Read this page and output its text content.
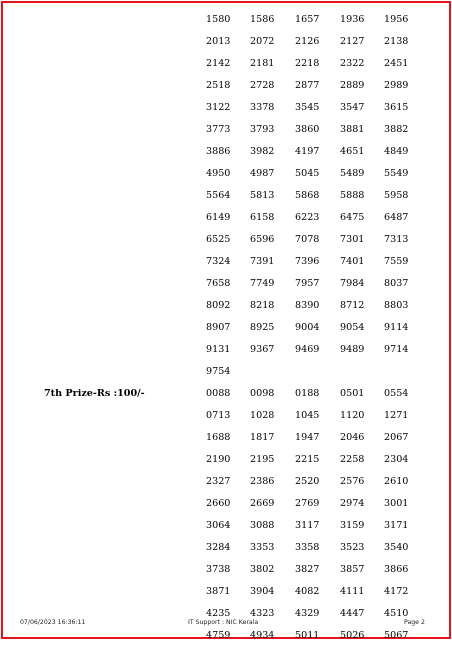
1580 1586 1657 1936 1956
2013 2072 2126 2127 2138
2142 2181 2218 2322 2451
2518 2728 2877 2889 2989
3122 3378 3545 3547 3615
3773 3793 3860 3881 3882
3886 3982 4197 4651 4849
4950 4987 5045 5489 5549
5564 5813 5868 5888 5958
6149 6158 6223 6475 6487
6525 6596 7078 7301 7313
7324 7391 7396 7401 7559
7658 7749 7957 7984 8037
8092 8218 8390 8712 8803
8907 8925 9004 9054 9114
9131 9367 9469 9489 9714
9754
7th Prize-Rs :100/-	0088 0098 0188 0501 0554
0713 1028 1045 1120 1271
1688 1817 1947 2046 2067
2190 2195 2215 2258 2304
2327 2386 2520 2576 2610
2660 2669 2769 2974 3001
3064 3088 3117 3159 3171
3284 3353 3358 3523 3540
3738 3802 3827 3857 3866
3871 3904 4082 4111 4172
4235 4323 4329 4447 4510
4759 4934 5011 5026 5067
07/06/2023 16:36:11	IT Support : NIC Kerala	Page 2
